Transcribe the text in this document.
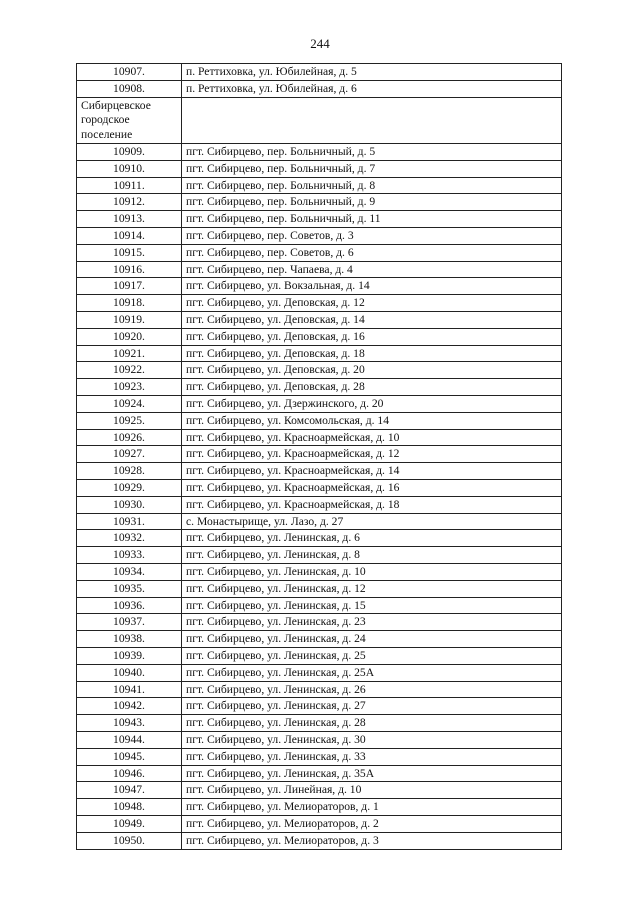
244
10907.	п. Реттиховка, ул. Юбилейная, д. 5
10908.	п. Реттиховка, ул. Юбилейная, д. 6
Сибирцевское городское поселение	
10909.	пгт. Сибирцево, пер. Больничный, д. 5
10910.	пгт. Сибирцево, пер. Больничный, д. 7
10911.	пгт. Сибирцево, пер. Больничный, д. 8
10912.	пгт. Сибирцево, пер. Больничный, д. 9
10913.	пгт. Сибирцево, пер. Больничный, д. 11
10914.	пгт. Сибирцево, пер. Советов, д. 3
10915.	пгт. Сибирцево, пер. Советов, д. 6
10916.	пгт. Сибирцево, пер. Чапаева, д. 4
10917.	пгт. Сибирцево, ул. Вокзальная, д. 14
10918.	пгт. Сибирцево, ул. Деповская, д. 12
10919.	пгт. Сибирцево, ул. Деповская, д. 14
10920.	пгт. Сибирцево, ул. Деповская, д. 16
10921.	пгт. Сибирцево, ул. Деповская, д. 18
10922.	пгт. Сибирцево, ул. Деповская, д. 20
10923.	пгт. Сибирцево, ул. Деповская, д. 28
10924.	пгт. Сибирцево, ул. Дзержинского, д. 20
10925.	пгт. Сибирцево, ул. Комсомольская, д. 14
10926.	пгт. Сибирцево, ул. Красноармейская, д. 10
10927.	пгт. Сибирцево, ул. Красноармейская, д. 12
10928.	пгт. Сибирцево, ул. Красноармейская, д. 14
10929.	пгт. Сибирцево, ул. Красноармейская, д. 16
10930.	пгт. Сибирцево, ул. Красноармейская, д. 18
10931.	с. Монастырище, ул. Лазо, д. 27
10932.	пгт. Сибирцево, ул. Ленинская, д. 6
10933.	пгт. Сибирцево, ул. Ленинская, д. 8
10934.	пгт. Сибирцево, ул. Ленинская, д. 10
10935.	пгт. Сибирцево, ул. Ленинская, д. 12
10936.	пгт. Сибирцево, ул. Ленинская, д. 15
10937.	пгт. Сибирцево, ул. Ленинская, д. 23
10938.	пгт. Сибирцево, ул. Ленинская, д. 24
10939.	пгт. Сибирцево, ул. Ленинская, д. 25
10940.	пгт. Сибирцево, ул. Ленинская, д. 25А
10941.	пгт. Сибирцево, ул. Ленинская, д. 26
10942.	пгт. Сибирцево, ул. Ленинская, д. 27
10943.	пгт. Сибирцево, ул. Ленинская, д. 28
10944.	пгт. Сибирцево, ул. Ленинская, д. 30
10945.	пгт. Сибирцево, ул. Ленинская, д. 33
10946.	пгт. Сибирцево, ул. Ленинская, д. 35А
10947.	пгт. Сибирцево, ул. Линейная, д. 10
10948.	пгт. Сибирцево, ул. Мелиораторов, д. 1
10949.	пгт. Сибирцево, ул. Мелиораторов, д. 2
10950.	пгт. Сибирцево, ул. Мелиораторов, д. 3
